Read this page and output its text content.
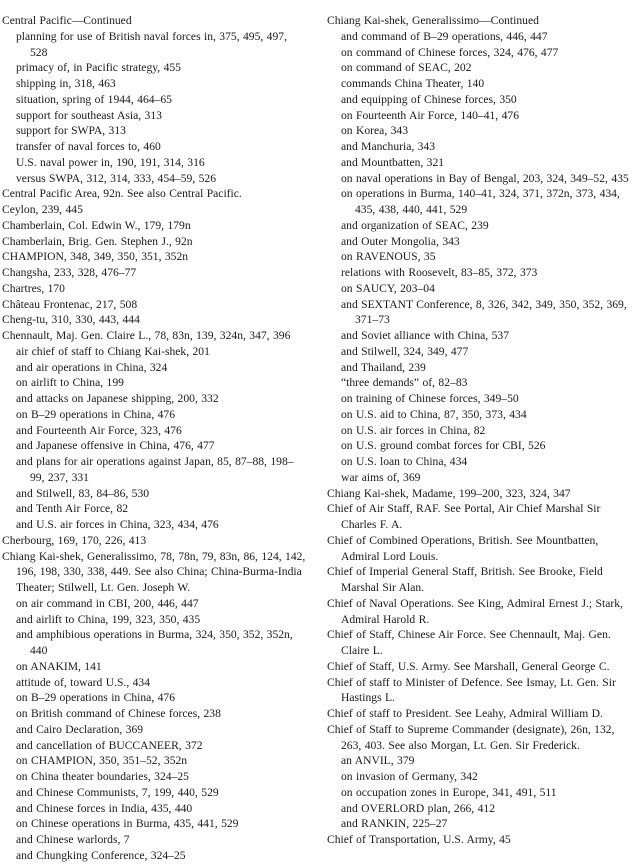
Central Pacific—Continued
planning for use of British naval forces in, 375, 495, 497, 528
primacy of, in Pacific strategy, 455
shipping in, 318, 463
situation, spring of 1944, 464–65
support for southeast Asia, 313
support for SWPA, 313
transfer of naval forces to, 460
U.S. naval power in, 190, 191, 314, 316
versus SWPA, 312, 314, 333, 454–59, 526
Central Pacific Area, 92n. See also Central Pacific.
Ceylon, 239, 445
Chamberlain, Col. Edwin W., 179, 179n
Chamberlain, Brig. Gen. Stephen J., 92n
CHAMPION, 348, 349, 350, 351, 352n
Changsha, 233, 328, 476–77
Chartres, 170
Château Frontenac, 217, 508
Cheng-tu, 310, 330, 443, 444
Chennault, Maj. Gen. Claire L., 78, 83n, 139, 324n, 347, 396
air chief of staff to Chiang Kai-shek, 201
and air operations in China, 324
on airlift to China, 199
and attacks on Japanese shipping, 200, 332
on B–29 operations in China, 476
and Fourteenth Air Force, 323, 476
and Japanese offensive in China, 476, 477
and plans for air operations against Japan, 85, 87–88, 198–99, 237, 331
and Stilwell, 83, 84–86, 530
and Tenth Air Force, 82
and U.S. air forces in China, 323, 434, 476
Cherbourg, 169, 170, 226, 413
Chiang Kai-shek, Generalissimo, 78, 78n, 79, 83n, 86, 124, 142, 196, 198, 330, 338, 449. See also China; China-Burma-India Theater; Stilwell, Lt. Gen. Joseph W.
on air command in CBI, 200, 446, 447
and airlift to China, 199, 323, 350, 435
and amphibious operations in Burma, 324, 350, 352, 352n, 440
on ANAKIM, 141
attitude of, toward U.S., 434
on B–29 operations in China, 476
on British command of Chinese forces, 238
and Cairo Declaration, 369
and cancellation of BUCCANEER, 372
on CHAMPION, 350, 351–52, 352n
on China theater boundaries, 324–25
and Chinese Communists, 7, 199, 440, 529
and Chinese forces in India, 435, 440
on Chinese operations in Burma, 435, 441, 529
and Chinese warlords, 7
and Chungking Conference, 324–25
Chiang Kai-shek, Generalissimo—Continued
and command of B–29 operations, 446, 447
on command of Chinese forces, 324, 476, 477
on command of SEAC, 202
commands China Theater, 140
and equipping of Chinese forces, 350
on Fourteenth Air Force, 140–41, 476
on Korea, 343
and Manchuria, 343
and Mountbatten, 321
on naval operations in Bay of Bengal, 203, 324, 349–52, 435
on operations in Burma, 140–41, 324, 371, 372n, 373, 434, 435, 438, 440, 441, 529
and organization of SEAC, 239
and Outer Mongolia, 343
on RAVENOUS, 35
relations with Roosevelt, 83–85, 372, 373
on SAUCY, 203–04
and SEXTANT Conference, 8, 326, 342, 349, 350, 352, 369, 371–73
and Soviet alliance with China, 537
and Stilwell, 324, 349, 477
and Thailand, 239
“three demands” of, 82–83
on training of Chinese forces, 349–50
on U.S. aid to China, 87, 350, 373, 434
on U.S. air forces in China, 82
on U.S. ground combat forces for CBI, 526
on U.S. loan to China, 434
war aims of, 369
Chiang Kai-shek, Madame, 199–200, 323, 324, 347
Chief of Air Staff, RAF. See Portal, Air Chief Marshal Sir Charles F. A.
Chief of Combined Operations, British. See Mountbatten, Admiral Lord Louis.
Chief of Imperial General Staff, British. See Brooke, Field Marshal Sir Alan.
Chief of Naval Operations. See King, Admiral Ernest J.; Stark, Admiral Harold R.
Chief of Staff, Chinese Air Force. See Chennault, Maj. Gen. Claire L.
Chief of Staff, U.S. Army. See Marshall, General George C.
Chief of staff to Minister of Defence. See Ismay, Lt. Gen. Sir Hastings L.
Chief of staff to President. See Leahy, Admiral William D.
Chief of Staff to Supreme Commander (designate), 26n, 132, 263, 403. See also Morgan, Lt. Gen. Sir Frederick.
an ANVIL, 379
on invasion of Germany, 342
on occupation zones in Europe, 341, 491, 511
and OVERLORD plan, 266, 412
and RANKIN, 225–27
Chief of Transportation, U.S. Army, 45
